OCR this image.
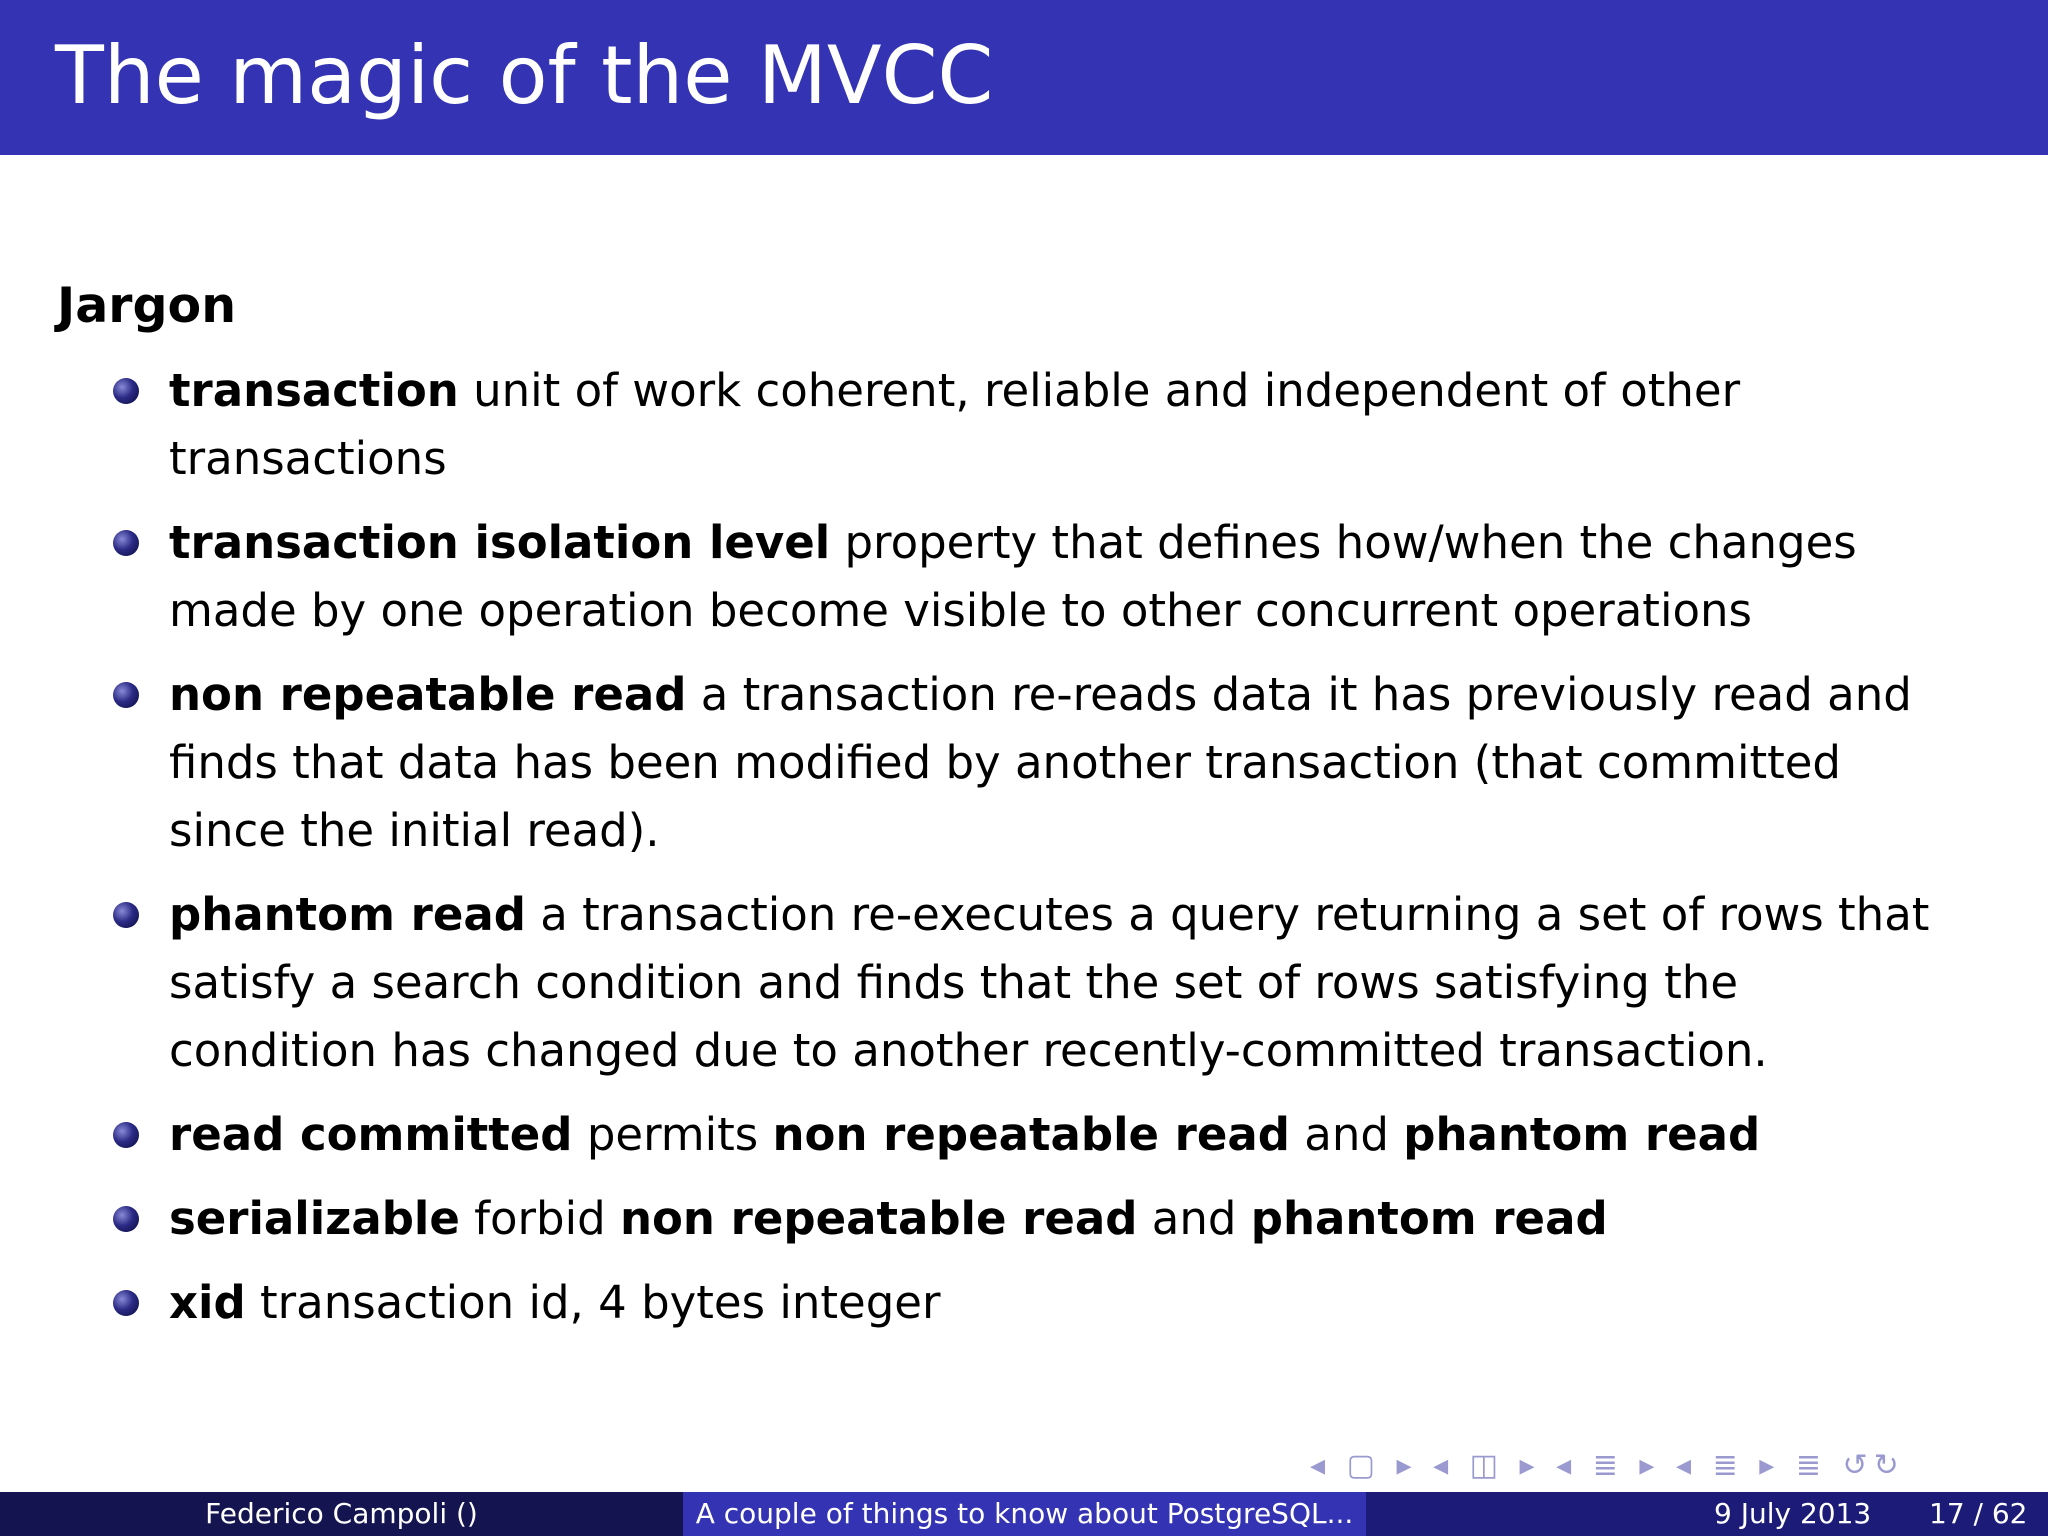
The magic of the MVCC
Jargon
transaction unit of work coherent, reliable and independent of other
transactions
transaction isolation level property that defines how/when the changes
made by one operation become visible to other concurrent operations
non repeatable read a transaction re-reads data it has previously read and
finds that data has been modified by another transaction (that committed
since the initial read).
phantom read a transaction re-executes a query returning a set of rows that
satisfy a search condition and finds that the set of rows satisfying the
condition has changed due to another recently-committed transaction.
read committed permits non repeatable read and phantom read
serializable forbid non repeatable read and phantom read
xid transaction id, 4 bytes integer
◂ ▢ ▸ ◂ ◫ ▸ ◂ ≣ ▸ ◂ ≣ ▸ ≣ ↺↻
Federico Campoli ()	A couple of things to know about PostgreSQL...	9 July 2013 17 / 62
